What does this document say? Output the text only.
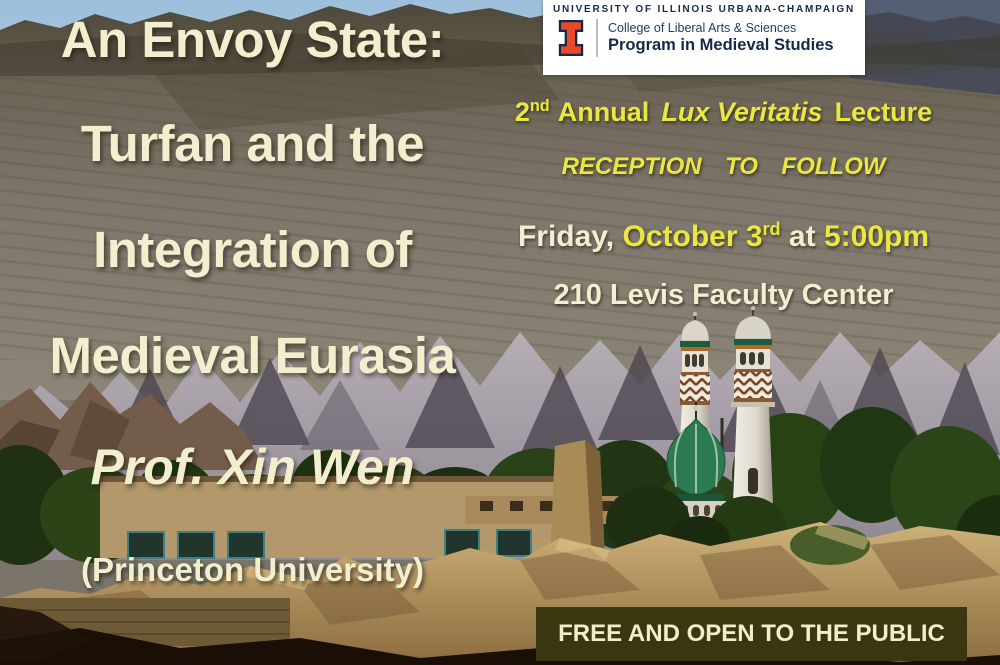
An Envoy State:
Turfan and the
Integration of
Medieval Eurasia
Prof. Xin Wen
(Princeton University)
UNIVERSITY OF ILLINOIS URBANA-CHAMPAIGN
College of Liberal Arts & Sciences
Program in Medieval Studies
2nd Annual Lux Veritatis Lecture
RECEPTION TO FOLLOW
Friday, October 3rd at 5:00pm
210 Levis Faculty Center
FREE AND OPEN TO THE PUBLIC
